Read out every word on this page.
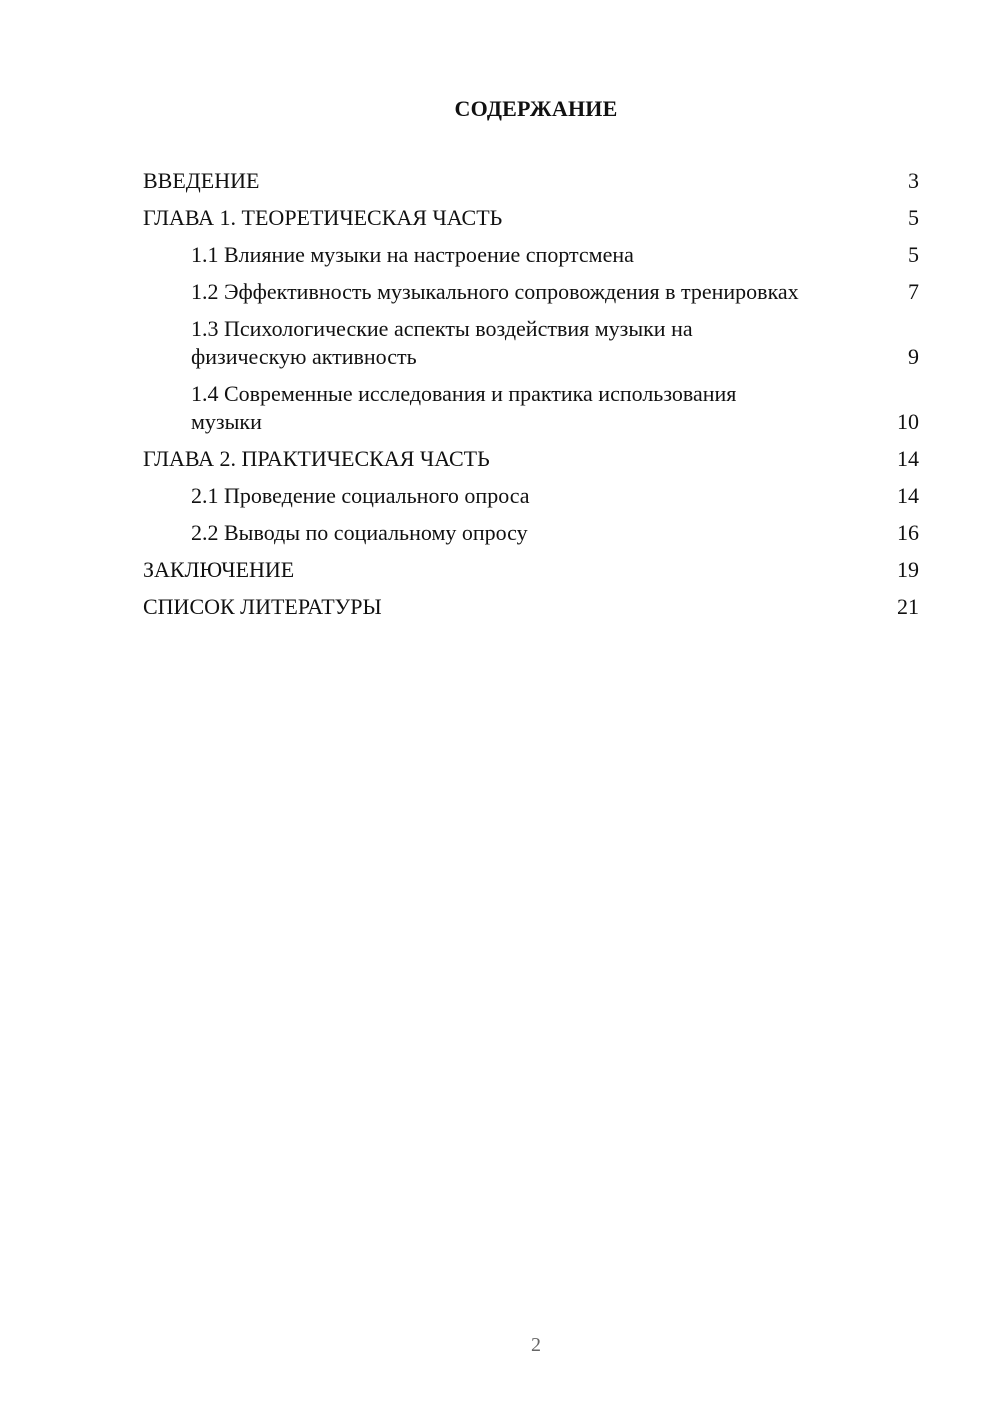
СОДЕРЖАНИЕ
ВВЕДЕНИЕ	3
ГЛАВА 1. ТЕОРЕТИЧЕСКАЯ ЧАСТЬ	5
1.1 Влияние музыки на настроение спортсмена	5
1.2 Эффективность музыкального сопровождения в тренировках	7
1.3 Психологические аспекты воздействия музыки на физическую активность	9
1.4 Современные исследования и практика использования музыки	10
ГЛАВА 2. ПРАКТИЧЕСКАЯ ЧАСТЬ	14
2.1 Проведение социального опроса	14
2.2 Выводы по социальному опросу	16
ЗАКЛЮЧЕНИЕ	19
СПИСОК ЛИТЕРАТУРЫ	21
2
